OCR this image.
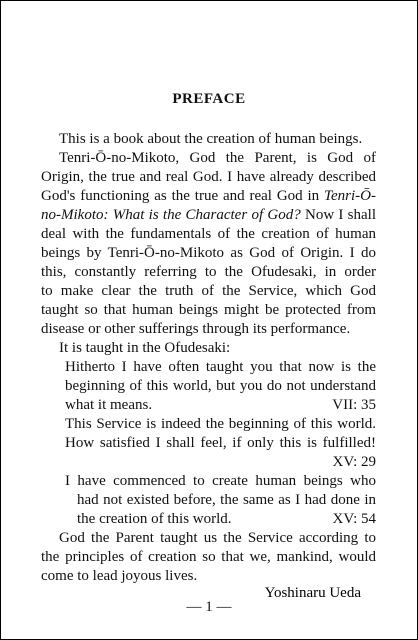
PREFACE
This is a book about the creation of human beings.
Tenri-Ō-no-Mikoto, God the Parent, is God of
Origin, the true and real God. I have already described
God's functioning as the true and real God in Tenri-Ō-
no-Mikoto: What is the Character of God? Now I shall
deal with the fundamentals of the creation of human
beings by Tenri-Ō-no-Mikoto as God of Origin. I do
this, constantly referring to the Ofudesaki, in order
to make clear the truth of the Service, which God
taught so that human beings might be protected from
disease or other sufferings through its performance.
It is taught in the Ofudesaki:
Hitherto I have often taught you that now is the
beginning of this world, but you do not understand
what it means.	VII: 35
This Service is indeed the beginning of this world.
How satisfied I shall feel, if only this is fulfilled!
XV: 29
I have commenced to create human beings who
had not existed before, the same as I had done in
the creation of this world.	XV: 54
God the Parent taught us the Service according to
the principles of creation so that we, mankind, would
come to lead joyous lives.
— 1 —
Yoshinaru Ueda
